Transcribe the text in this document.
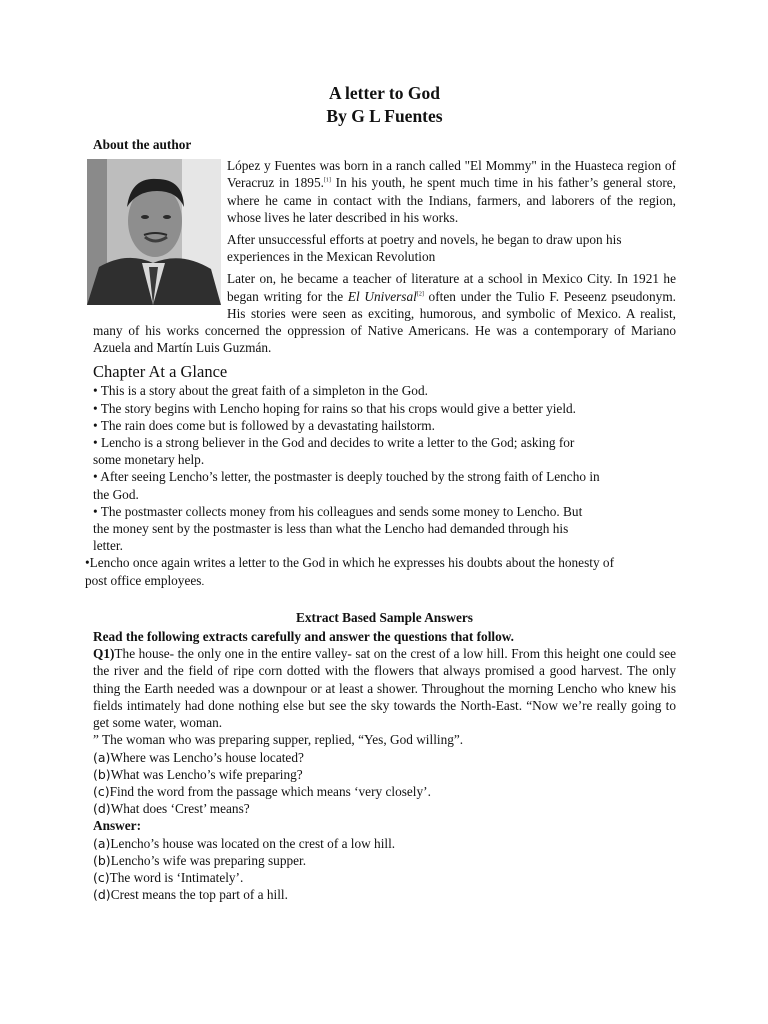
A letter to God
By G L Fuentes
About the author

López y Fuentes was born in a ranch called "El Mommy" in the Huasteca region of Veracruz in 1895.[1] In his youth, he spent much time in his father’s general store, where he came in contact with the Indians, farmers, and laborers of the region, whose lives he later described in his works.

After unsuccessful efforts at poetry and novels, he began to draw upon his experiences in the Mexican Revolution

Later on, he became a teacher of literature at a school in Mexico City. In 1921 he began writing for the El Universal[2] often under the Tulio F. Peseenz pseudonym. His stories were seen as exciting, humorous, and symbolic of Mexico. A realist, many of his works concerned the oppression of Native Americans. He was a contemporary of Mariano Azuela and Martín Luis Guzmán.

Chapter At a Glance
• This is a story about the great faith of a simpleton in the God.
• The story begins with Lencho hoping for rains so that his crops would give a better yield.
• The rain does come but is followed by a devastating hailstorm.
• Lencho is a strong believer in the God and decides to write a letter to the God; asking for some monetary help.
• After seeing Lencho’s letter, the postmaster is deeply touched by the strong faith of Lencho in the God.
• The postmaster collects money from his colleagues and sends some money to Lencho. But the money sent by the postmaster is less than what the Lencho had demanded through his letter.
•Lencho once again writes a letter to the God in which he expresses his doubts about the honesty of post office employees.
Extract Based Sample Answers
Read the following extracts carefully and answer the questions that follow.

Q1)The house- the only one in the entire valley- sat on the crest of a low hill. From this height one could see the river and the field of ripe corn dotted with the flowers that always promised a good harvest. The only thing the Earth needed was a downpour or at least a shower. Throughout the morning Lencho who knew his fields intimately had done nothing else but see the sky towards the North-East. “Now we’re really going to get some water, woman.

” The woman who was preparing supper, replied, “Yes, God willing”.
(a)Where was Lencho’s house located?
(b)What was Lencho’s wife preparing?
(c)Find the word from the passage which means ‘very closely’.
(d)What does ‘Crest’ means?
Answer:
(a)Lencho’s house was located on the crest of a low hill.
(b)Lencho’s wife was preparing supper.
(c)The word is ‘Intimately’.
(d)Crest means the top part of a hill.
